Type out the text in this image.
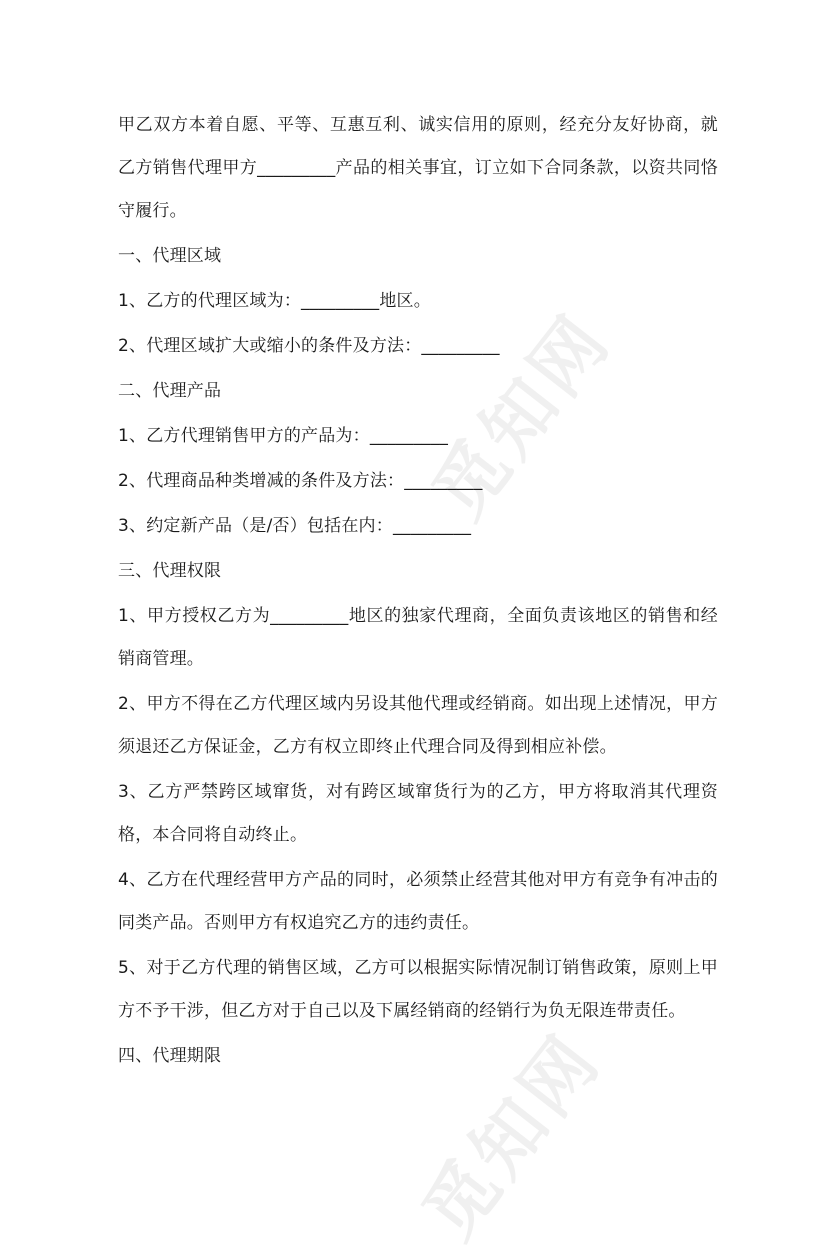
觅知网
觅知网

甲乙双方本着自愿、平等、互惠互利、诚实信用的原则，经充分友好协商，就乙方销售代理甲方_________产品的相关事宜，订立如下合同条款，以资共同恪守履行。

一、代理区域

1、乙方的代理区域为：_________地区。

2、代理区域扩大或缩小的条件及方法：_________

二、代理产品

1、乙方代理销售甲方的产品为：_________

2、代理商品种类增减的条件及方法：_________

3、约定新产品（是/否）包括在内：_________

三、代理权限

1、甲方授权乙方为_________地区的独家代理商，全面负责该地区的销售和经销商管理。

2、甲方不得在乙方代理区域内另设其他代理或经销商。如出现上述情况，甲方须退还乙方保证金，乙方有权立即终止代理合同及得到相应补偿。

3、乙方严禁跨区域窜货，对有跨区域窜货行为的乙方，甲方将取消其代理资格，本合同将自动终止。

4、乙方在代理经营甲方产品的同时，必须禁止经营其他对甲方有竞争有冲击的同类产品。否则甲方有权追究乙方的违约责任。

5、对于乙方代理的销售区域，乙方可以根据实际情况制订销售政策，原则上甲方不予干涉，但乙方对于自己以及下属经销商的经销行为负无限连带责任。

四、代理期限
